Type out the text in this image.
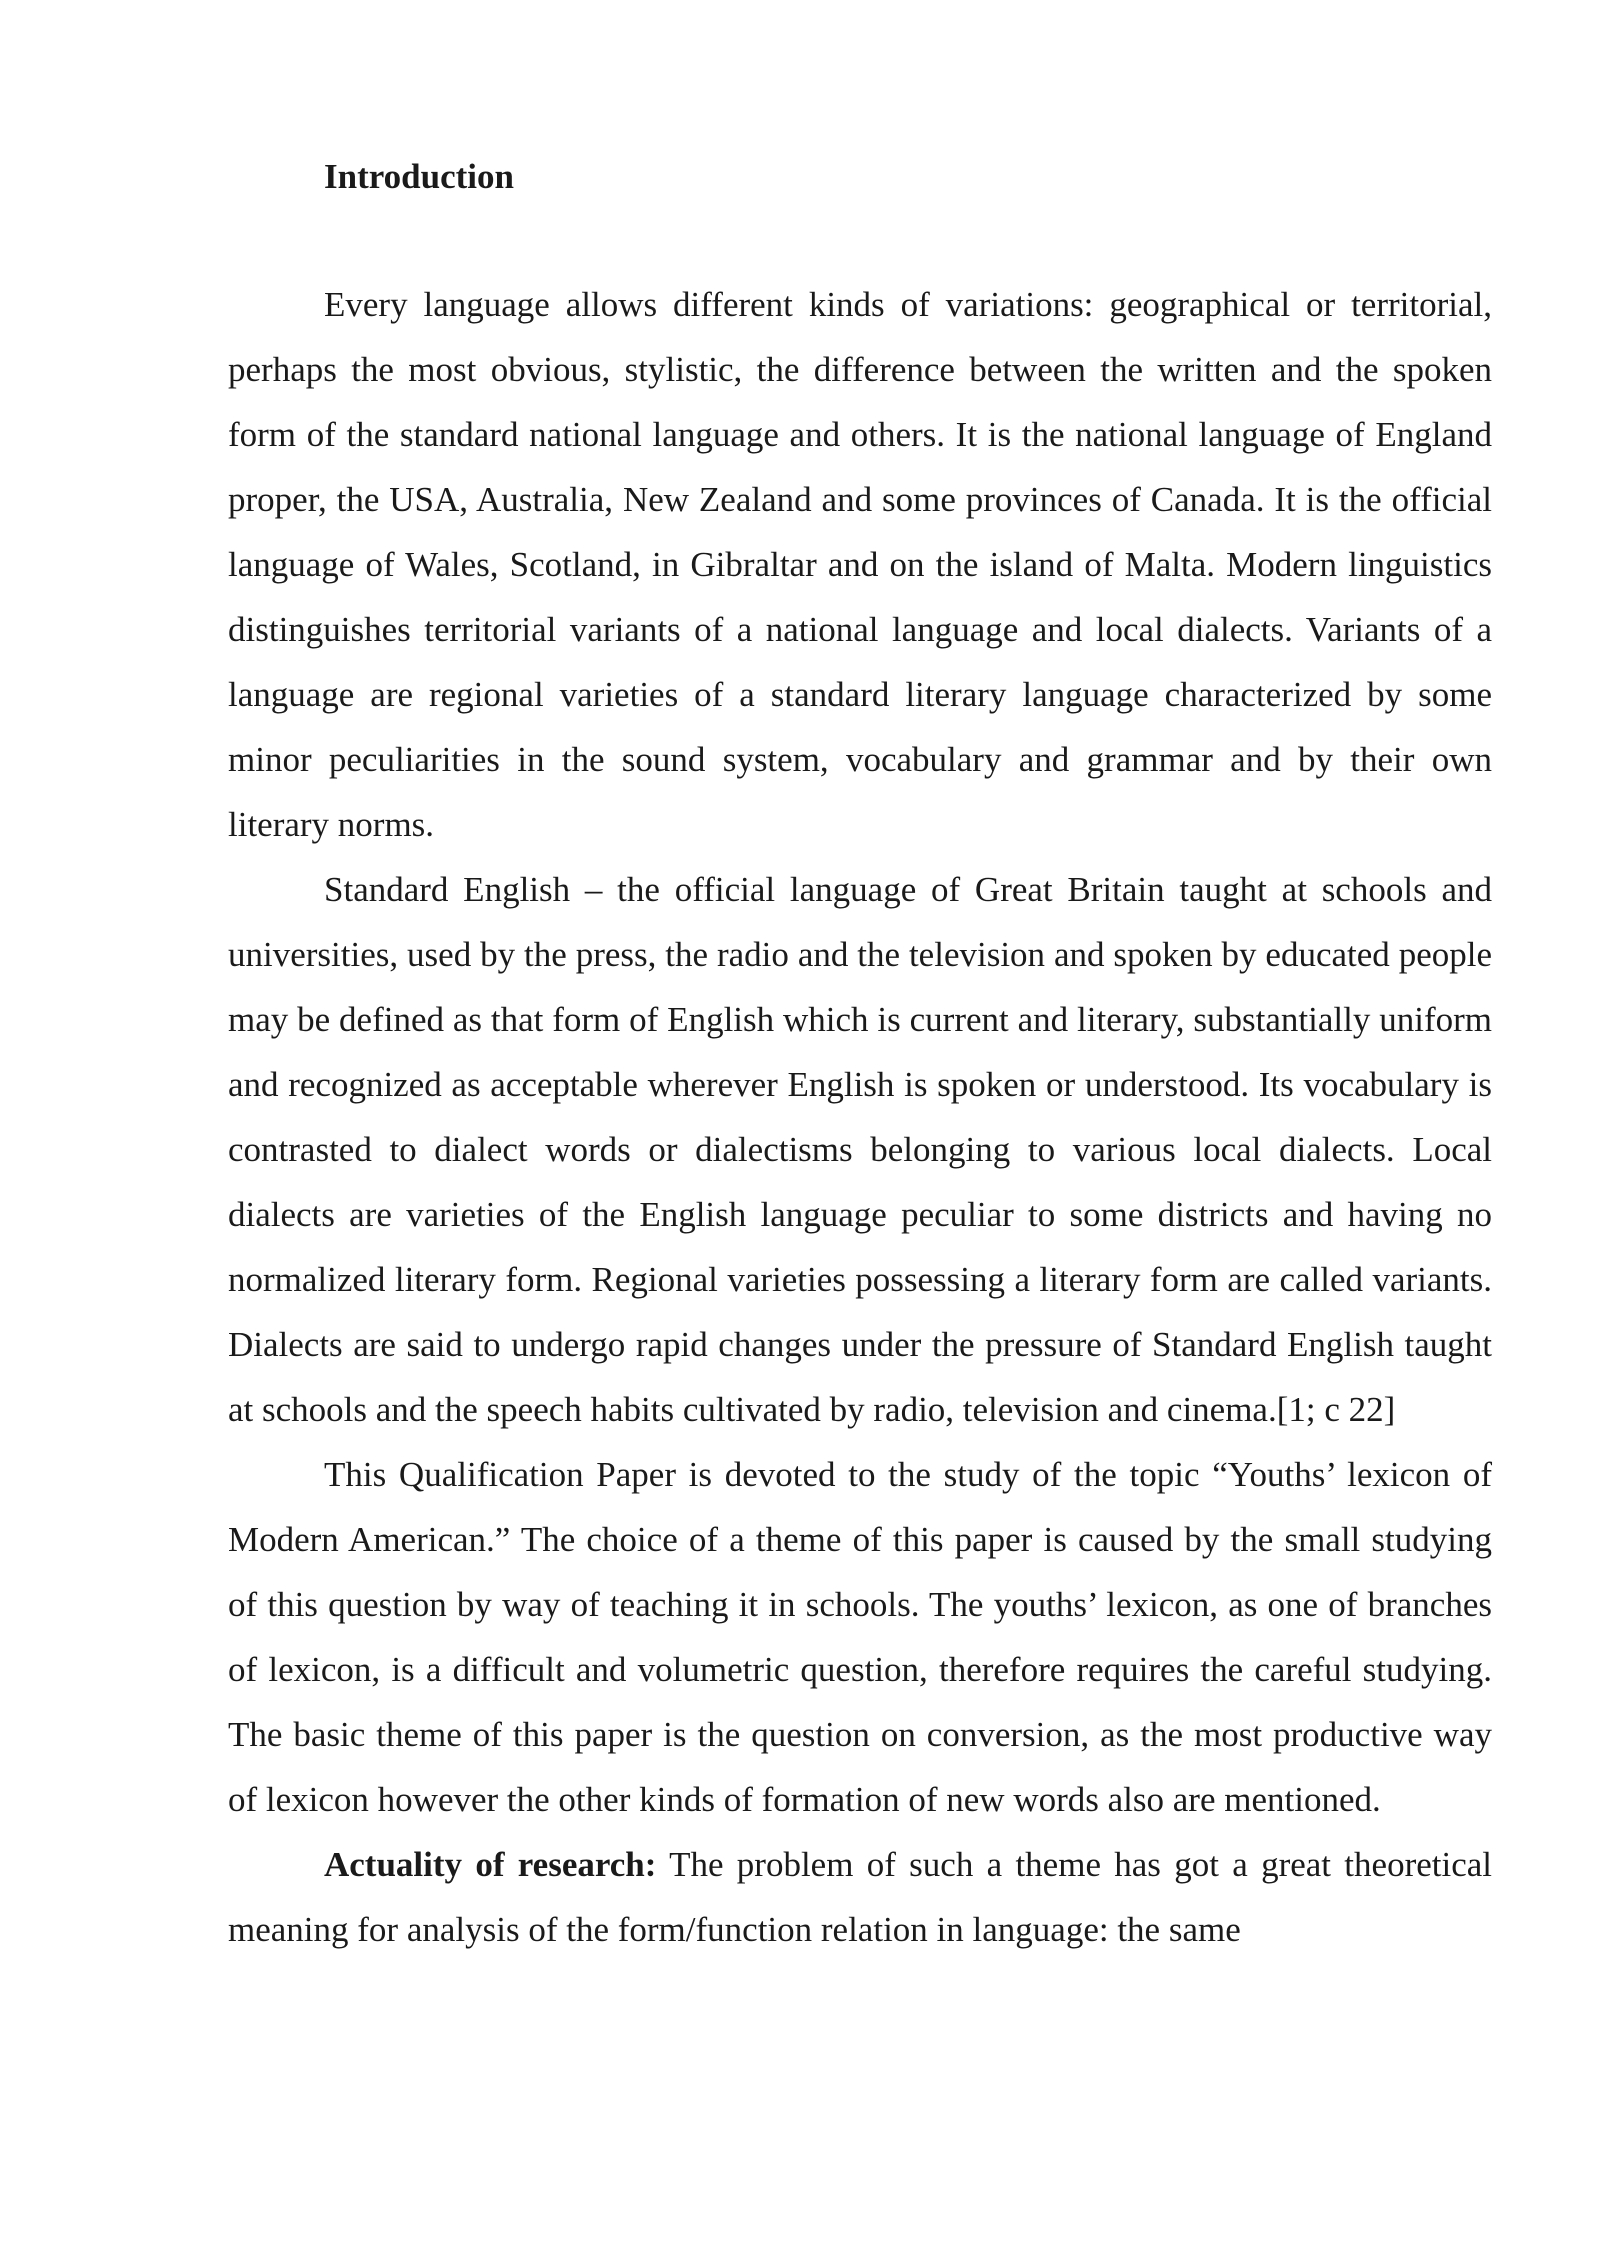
Introduction

Every language allows different kinds of variations: geographical or territorial, perhaps the most obvious, stylistic, the difference between the written and the spoken form of the standard national language and others. It is the national language of England proper, the USA, Australia, New Zealand and some provinces of Canada. It is the official language of Wales, Scotland, in Gibraltar and on the island of Malta. Modern linguistics distinguishes territorial variants of a national language and local dialects. Variants of a language are regional varieties of a standard literary language characterized by some minor peculiarities in the sound system, vocabulary and grammar and by their own literary norms.

Standard English – the official language of Great Britain taught at schools and universities, used by the press, the radio and the television and spoken by educated people may be defined as that form of English which is current and literary, substantially uniform and recognized as acceptable wherever English is spoken or understood. Its vocabulary is contrasted to dialect words or dialectisms belonging to various local dialects. Local dialects are varieties of the English language peculiar to some districts and having no normalized literary form. Regional varieties possessing a literary form are called variants. Dialects are said to undergo rapid changes under the pressure of Standard English taught at schools and the speech habits cultivated by radio, television and cinema.[1; c 22]

This Qualification Paper is devoted to the study of the topic “Youths’ lexicon of Modern American.” The choice of a theme of this paper is caused by the small studying of this question by way of teaching it in schools. The youths’ lexicon, as one of branches of lexicon, is a difficult and volumetric question, therefore requires the careful studying. The basic theme of this paper is the question on conversion, as the most productive way of lexicon however the other kinds of formation of new words also are mentioned.

Actuality of research: The problem of such a theme has got a great theoretical meaning for analysis of the form/function relation in language: the same
